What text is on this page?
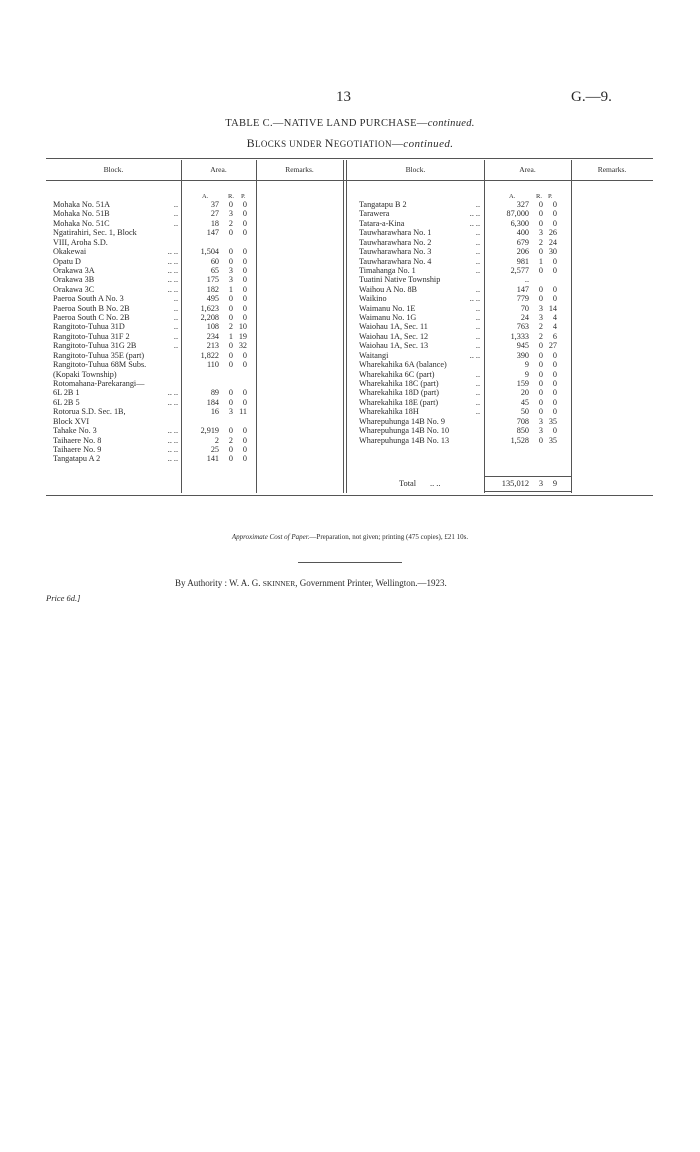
13	G.—9.
TABLE C.—NATIVE LAND PURCHASE—continued.
BLOCKS UNDER NEGOTIATION—continued.
Block.	Area.	Remarks.	Block.	Area.	Remarks.
A.	R. P.	A.	R. P.
Mohaka No. 51A	..	37	0	0
Mohaka No. 51B	..	27	3	0
Mohaka No. 51C	..	18	2	0
Ngatirahiri, Sec. 1, Block	147	0	0
VIII, Aroha S.D.
Okakewai	.. ..	1,504	0	0
Opatu D	.. ..	60	0	0
Orakawa 3A	.. ..	65	3	0
Orakawa 3B	.. ..	175	3	0
Orakawa 3C	.. ..	182	1	0
Paeroa South A No. 3	..	495	0	0
Paeroa South B No. 2B	..	1,623	0	0
Paeroa South C No. 2B	..	2,208	0	0
Rangitoto-Tuhua 31D	..	108	2 10
Rangitoto-Tuhua 31F 2	..	234	1 19
Rangitoto-Tuhua 31G 2B	..	213	0 32
Rangitoto-Tuhua 35E (part)	1,822	0	0
Rangitoto-Tuhua 68M Subs.	110	0	0
(Kopaki Township)
Rotomahana-Parekarangi—
6L 2B 1	.. ..	89	0	0
6L 2B 5	.. ..	184	0	0
Rotorua S.D. Sec. 1B,	16	3 11
Block XVI
Tahake No. 3	.. ..	2,919	0	0
Taihaere No. 8	.. ..	2	2	0
Taihaere No. 9	.. ..	25	0	0
Tangatapu A 2	.. ..	141	0	0
Tangatapu B 2	..	327	0	0
Tarawera	.. ..	87,000	0	0
Tatara-a-Kina	.. ..	6,300	0	0
Tauwharawhara No. 1	..	400	3 26
Tauwharawhara No. 2	..	679	2 24
Tauwharawhara No. 3	..	206	0 30
Tauwharawhara No. 4	..	981	1	0
Timahanga No. 1	..	2,577	0	0
Tuatini Native Township	..
Waihou A No. 8B	..	147	0	0
Waikino	.. ..	779	0	0
Waimanu No. 1E	..	70	3 14
Waimanu No. 1G	..	24	3	4
Waiohau 1A, Sec. 11	..	763	2	4
Waiohau 1A, Sec. 12	..	1,333	2	6
Waiohau 1A, Sec. 13	..	945	0 27
Waitangi	.. ..	390	0	0
Wharekahika 6A (balance)	9	0	0
Wharekahika 6C (part)	..	9	0	0
Wharekahika 18C (part)	..	159	0	0
Wharekahika 18D (part)	..	20	0	0
Wharekahika 18E (part)	..	45	0	0
Wharekahika 18H	..	50	0	0
Wharepuhunga 14B No. 9	708	3 35
Wharepuhunga 14B No. 10	850	3	0
Wharepuhunga 14B No. 13	1,528	0 35
Total .. ..	135,012	3	9
Approximate Cost of Paper.—Preparation, not given; printing (475 copies), £21 10s.
By Authority : W. A. G. SKINNER, Government Printer, Wellington.—1923.
Price 6d.]
